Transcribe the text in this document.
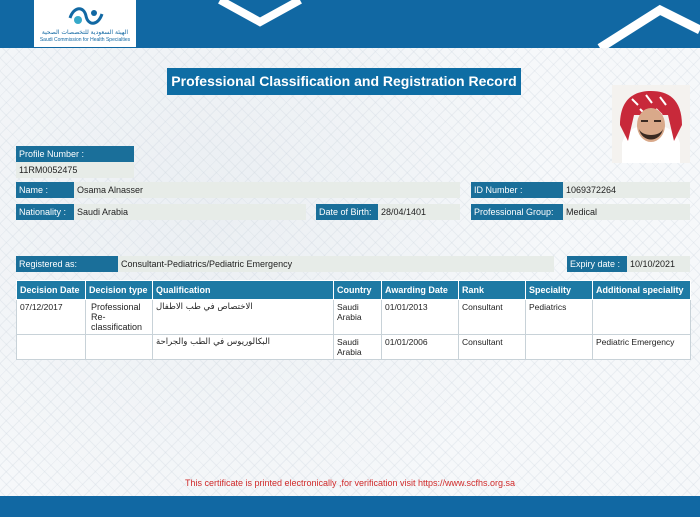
الهيئة السعودية للتخصصات الصحية
Saudi Commission for Health Specialties
Professional Classification and Registration Record
Profile Number :
11RM0052475
Name :	Osama Alnasser	ID Number :	1069372264
Nationality :	Saudi Arabia	Date of Birth:	28/04/1401	Professional Group:	Medical
Registered as:	Consultant-Pediatrics/Pediatric Emergency	Expiry date :	10/10/2021
Decision Date	Decision type	Qualification	Country	Awarding Date	Rank	Speciality	Additional speciality
07/12/2017	Professional Re-classification	الاختصاص في طب الاطفال	Saudi Arabia	01/01/2013	Consultant	Pediatrics	
		البكالوريوس في الطب والجراحة	Saudi Arabia	01/01/2006	Consultant		Pediatric Emergency
This certificate is printed electronically ,for verification visit https://www.scfhs.org.sa
